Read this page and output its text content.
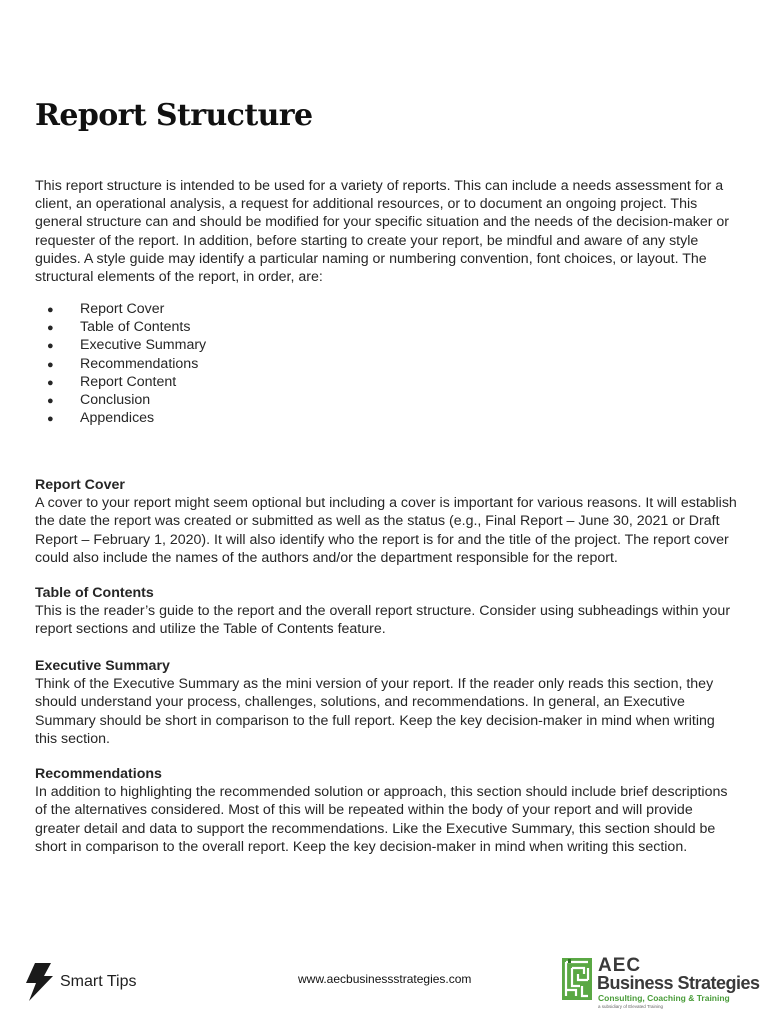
Report Structure

This report structure is intended to be used for a variety of reports. This can include a needs assessment for a client, an operational analysis, a request for additional resources, or to document an ongoing project. This general structure can and should be modified for your specific situation and the needs of the decision-maker or requester of the report. In addition, before starting to create your report, be mindful and aware of any style guides. A style guide may identify a particular naming or numbering convention, font choices, or layout. The structural elements of the report, in order, are:

● Report Cover
● Table of Contents
● Executive Summary
● Recommendations
● Report Content
● Conclusion
● Appendices
Report Cover

A cover to your report might seem optional but including a cover is important for various reasons. It will establish the date the report was created or submitted as well as the status (e.g., Final Report – June 30, 2021 or Draft Report – February 1, 2020). It will also identify who the report is for and the title of the project. The report cover could also include the names of the authors and/or the department responsible for the report.

Table of Contents

This is the reader’s guide to the report and the overall report structure. Consider using subheadings within your report sections and utilize the Table of Contents feature.

Executive Summary

Think of the Executive Summary as the mini version of your report. If the reader only reads this section, they should understand your process, challenges, solutions, and recommendations. In general, an Executive Summary should be short in comparison to the full report. Keep the key decision-maker in mind when writing this section.

Recommendations

In addition to highlighting the recommended solution or approach, this section should include brief descriptions of the alternatives considered. Most of this will be repeated within the body of your report and will provide greater detail and data to support the recommendations. Like the Executive Summary, this section should be short in comparison to the overall report. Keep the key decision-maker in mind when writing this section.

Smart Tips	www.aecbusinessstrategies.com
AEC
Business Strategies
Consulting, Coaching & Training
a subsidiary of Elevated Training
